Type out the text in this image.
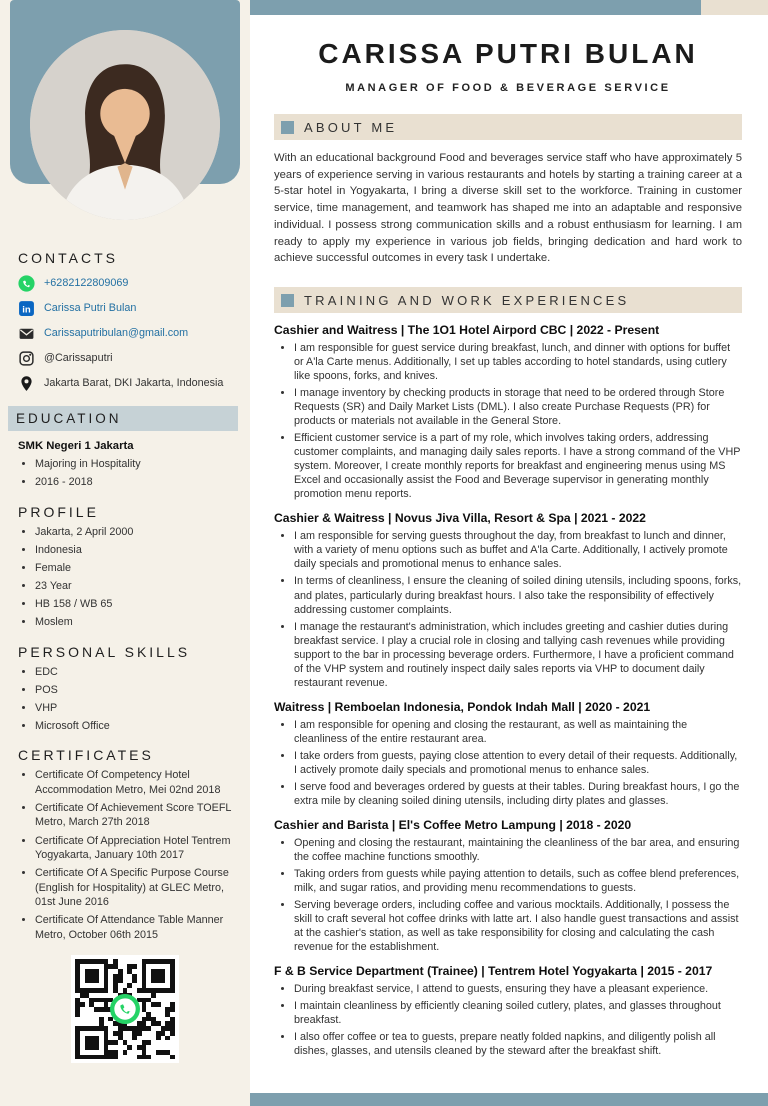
CONTACTS
+6282122809069
in Carissa Putri Bulan
Carissaputribulan@gmail.com
@Carissaputri
Jakarta Barat, DKI Jakarta, Indonesia
EDUCATION
SMK Negeri 1 Jakarta
• Majoring in Hospitality
• 2016 - 2018
PROFILE
• Jakarta, 2 April 2000
• Indonesia
• Female
• 23 Year
• HB 158 / WB 65
• Moslem
PERSONAL SKILLS
• EDC
• POS
• VHP
• Microsoft Office
CERTIFICATES
• Certificate Of Competency Hotel Accommodation Metro, Mei 02nd 2018
• Certificate Of Achievement Score TOEFL Metro, March 27th 2018
• Certificate Of Appreciation Hotel Tentrem Yogyakarta, January 10th 2017
• Certificate Of A Specific Purpose Course (English for Hospitality) at GLEC Metro, 01st June 2016
• Certificate Of Attendance Table Manner Metro, October 06th 2015
CARISSA PUTRI BULAN
MANAGER OF FOOD & BEVERAGE SERVICE
ABOUT ME

With an educational background Food and beverages service staff who have approximately 5 years of experience serving in various restaurants and hotels by starting a training career at a 5-star hotel in Yogyakarta, I bring a diverse skill set to the workforce. Training in customer service, time management, and teamwork has shaped me into an adaptable and responsive individual. I possess strong communication skills and a robust enthusiasm for learning. I am ready to apply my experience in various job fields, bringing dedication and hard work to achieve successful outcomes in every task I undertake.

TRAINING AND WORK EXPERIENCES
Cashier and Waitress | The 1O1 Hotel Airpord CBC | 2022 - Present
• I am responsible for guest service during breakfast, lunch, and dinner with options for buffet or A'la Carte menus. Additionally, I set up tables according to hotel standards, using cutlery like spoons, forks, and knives.
• I manage inventory by checking products in storage that need to be ordered through Store Requests (SR) and Daily Market Lists (DML). I also create Purchase Requests (PR) for products or materials not available in the General Store.
• Efficient customer service is a part of my role, which involves taking orders, addressing customer complaints, and managing daily sales reports. I have a strong command of the VHP system. Moreover, I create monthly reports for breakfast and engineering menus using MS Excel and occasionally assist the Food and Beverage supervisor in generating monthly promotion menu reports.
Cashier & Waitress | Novus Jiva Villa, Resort & Spa | 2021 - 2022
• I am responsible for serving guests throughout the day, from breakfast to lunch and dinner, with a variety of menu options such as buffet and A'la Carte. Additionally, I actively promote daily specials and promotional menus to enhance sales.
• In terms of cleanliness, I ensure the cleaning of soiled dining utensils, including spoons, forks, and plates, particularly during breakfast hours. I also take the responsibility of effectively addressing customer complaints.
• I manage the restaurant's administration, which includes greeting and cashier duties during breakfast service. I play a crucial role in closing and tallying cash revenues while providing support to the bar in processing beverage orders. Furthermore, I have a proficient command of the VHP system and routinely inspect daily sales reports via VHP to document daily restaurant revenue.
Waitress | Remboelan Indonesia, Pondok Indah Mall | 2020 - 2021
• I am responsible for opening and closing the restaurant, as well as maintaining the cleanliness of the entire restaurant area.
• I take orders from guests, paying close attention to every detail of their requests. Additionally, I actively promote daily specials and promotional menus to enhance sales.
• I serve food and beverages ordered by guests at their tables. During breakfast hours, I go the extra mile by cleaning soiled dining utensils, including dirty plates and glasses.
Cashier and Barista | El's Coffee Metro Lampung | 2018 - 2020
• Opening and closing the restaurant, maintaining the cleanliness of the bar area, and ensuring the coffee machine functions smoothly.
• Taking orders from guests while paying attention to details, such as coffee blend preferences, milk, and sugar ratios, and providing menu recommendations to guests.
• Serving beverage orders, including coffee and various mocktails. Additionally, I possess the skill to craft several hot coffee drinks with latte art. I also handle guest transactions and assist at the cashier's station, as well as take responsibility for closing and calculating the cash revenue for the establishment.
F & B Service Department (Trainee) | Tentrem Hotel Yogyakarta | 2015 - 2017
• During breakfast service, I attend to guests, ensuring they have a pleasant experience.
• I maintain cleanliness by efficiently cleaning soiled cutlery, plates, and glasses throughout breakfast.
• I also offer coffee or tea to guests, prepare neatly folded napkins, and diligently polish all dishes, glasses, and utensils cleaned by the steward after the breakfast shift.
